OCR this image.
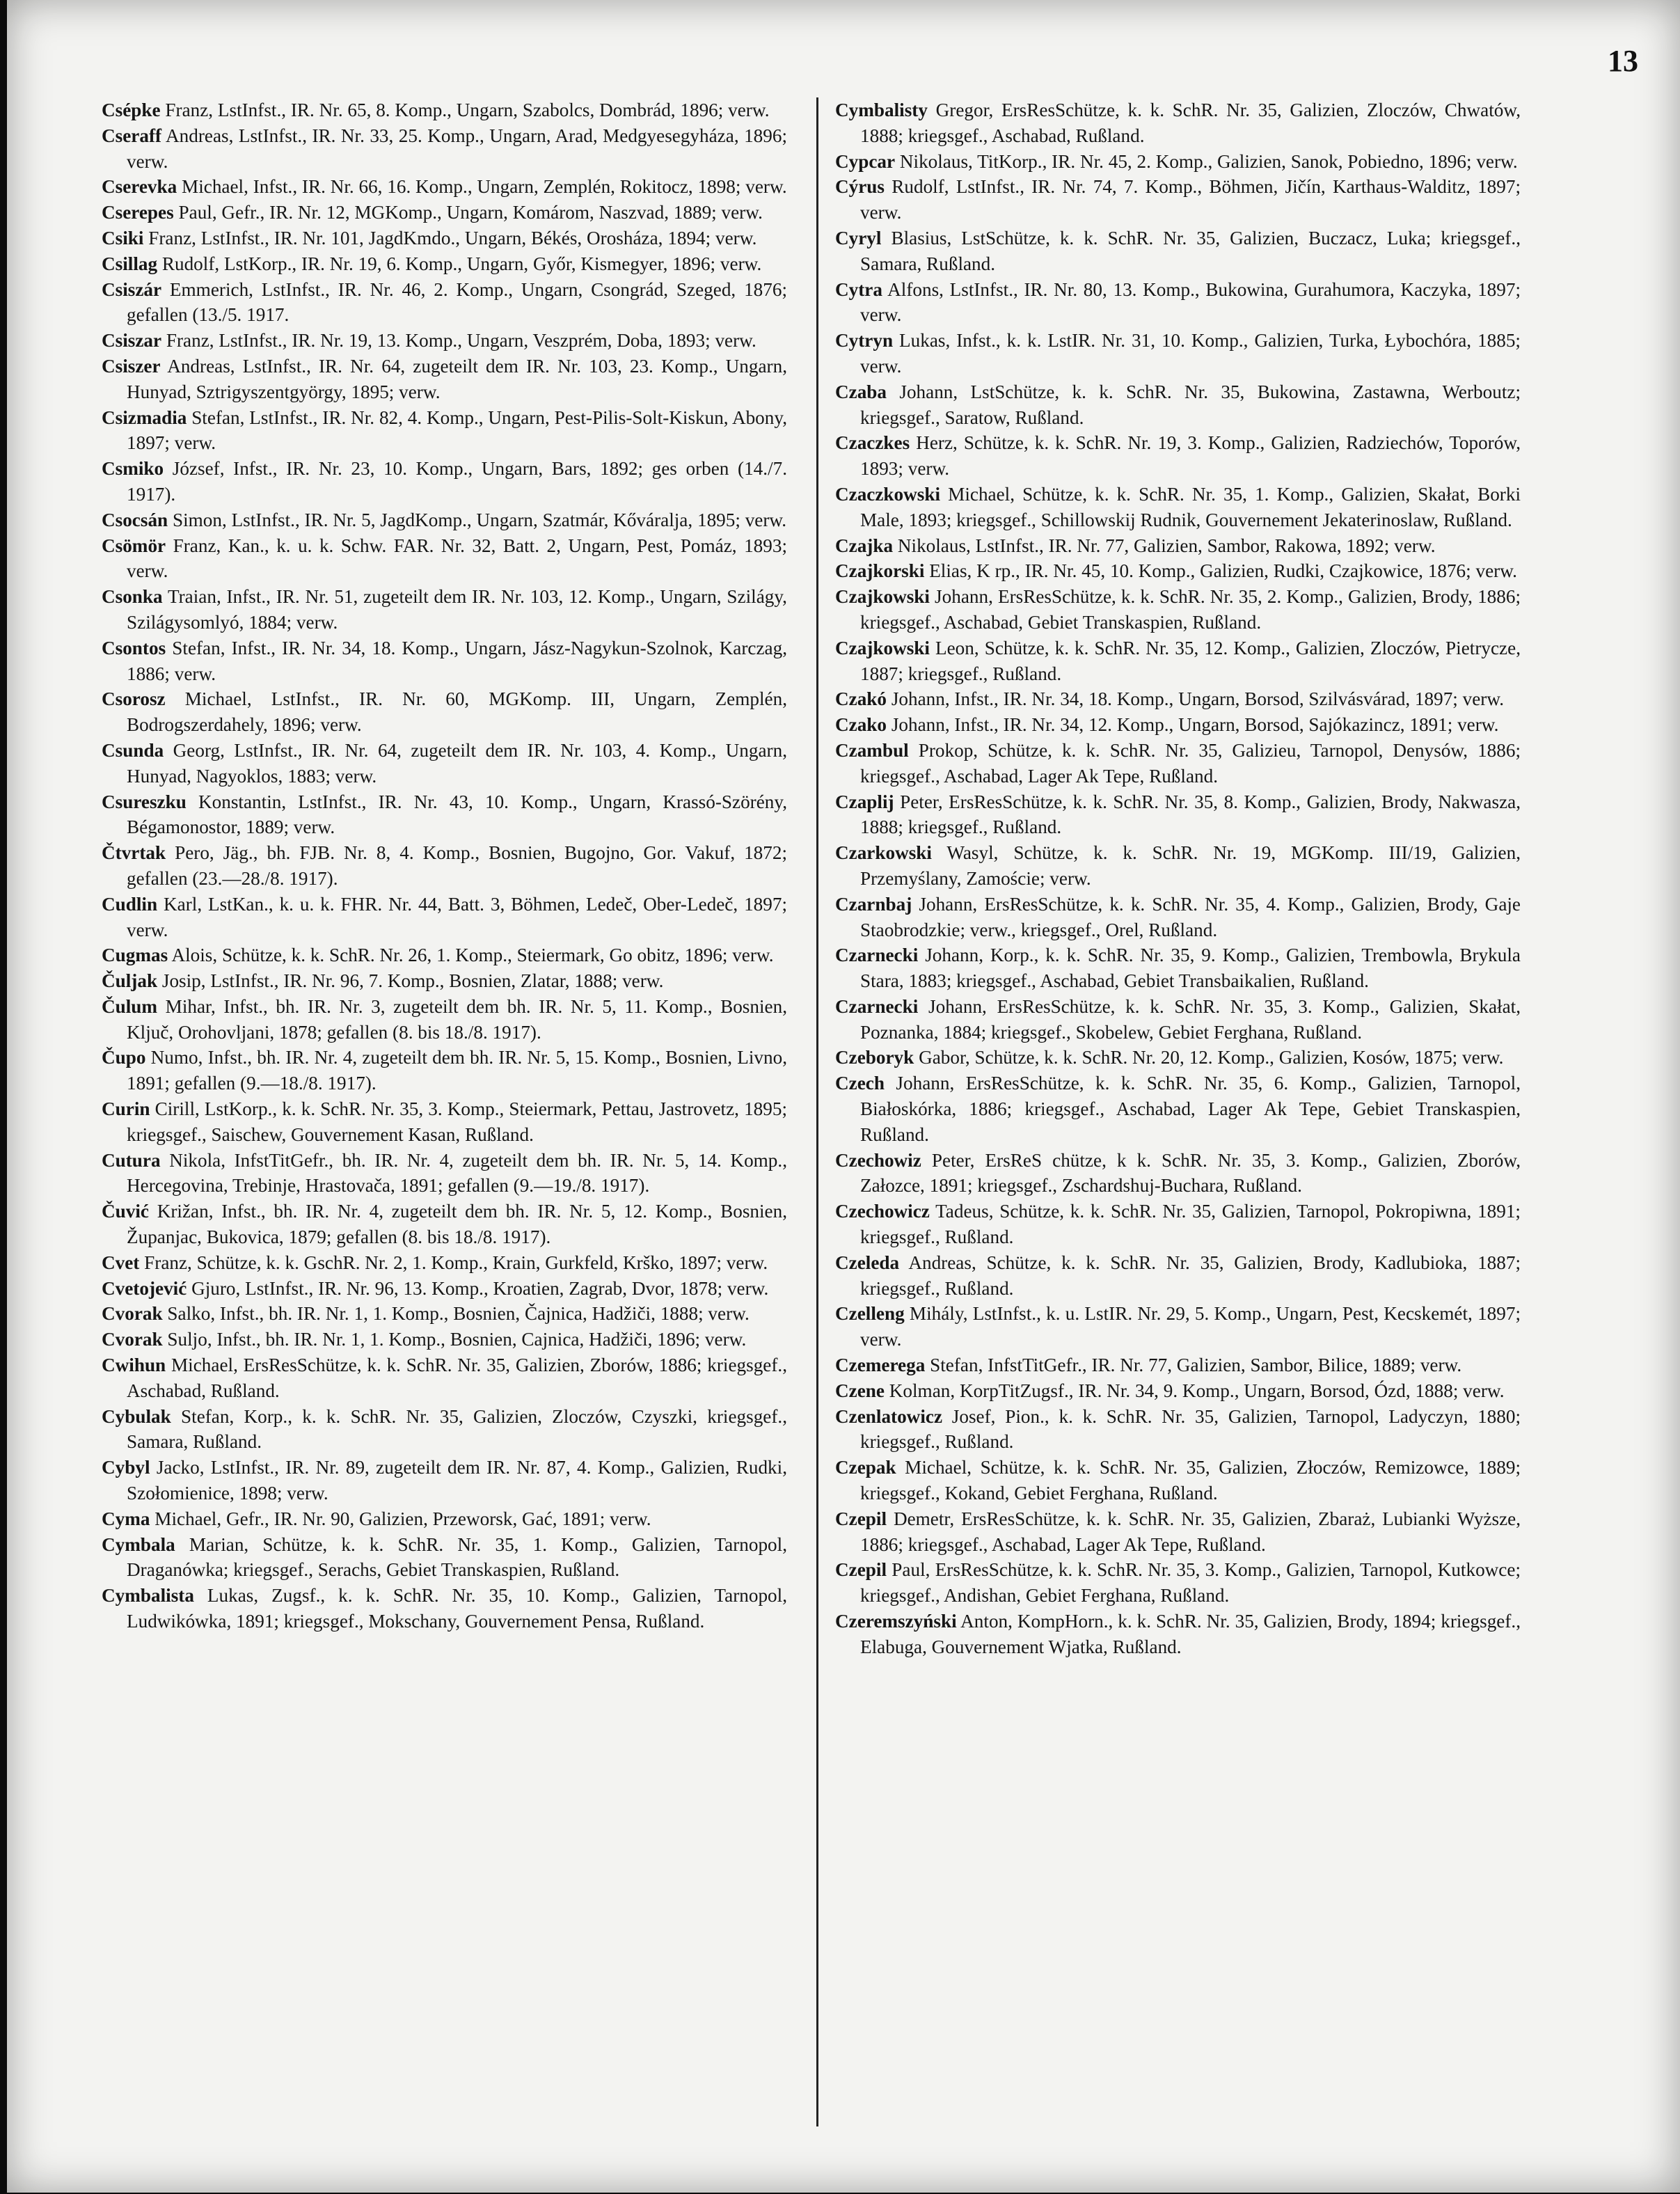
13

Csépke Franz, LstInfst., IR. Nr. 65, 8. Komp., Ungarn, Szabolcs, Dombrád, 1896; verw.

Cseraff Andreas, LstInfst., IR. Nr. 33, 25. Komp., Ungarn, Arad, Medgyesegyháza, 1896; verw.

Cserevka Michael, Infst., IR. Nr. 66, 16. Komp., Ungarn, Zemplén, Rokitocz, 1898; verw.

Cserepes Paul, Gefr., IR. Nr. 12, MGKomp., Ungarn, Komárom, Naszvad, 1889; verw.

Csiki Franz, LstInfst., IR. Nr. 101, JagdKmdo., Ungarn, Békés, Orosháza, 1894; verw.

Csillag Rudolf, LstKorp., IR. Nr. 19, 6. Komp., Ungarn, Győr, Kismegyer, 1896; verw.

Csiszár Emmerich, LstInfst., IR. Nr. 46, 2. Komp., Ungarn, Csongrád, Szeged, 1876; gefallen (13./5. 1917.

Csiszar Franz, LstInfst., IR. Nr. 19, 13. Komp., Ungarn, Veszprém, Doba, 1893; verw.

Csiszer Andreas, LstInfst., IR. Nr. 64, zugeteilt dem IR. Nr. 103, 23. Komp., Ungarn, Hunyad, Sztrigyszentgyörgy, 1895; verw.

Csizmadia Stefan, LstInfst., IR. Nr. 82, 4. Komp., Ungarn, Pest-Pilis-Solt-Kiskun, Abony, 1897; verw.

Csmiko József, Infst., IR. Nr. 23, 10. Komp., Ungarn, Bars, 1892; ges orben (14./7. 1917).

Csocsán Simon, LstInfst., IR. Nr. 5, JagdKomp., Ungarn, Szatmár, Kőváralja, 1895; verw.

Csömör Franz, Kan., k. u. k. Schw. FAR. Nr. 32, Batt. 2, Ungarn, Pest, Pomáz, 1893; verw.

Csonka Traian, Infst., IR. Nr. 51, zugeteilt dem IR. Nr. 103, 12. Komp., Ungarn, Szilágy, Szilágysomlyó, 1884; verw.

Csontos Stefan, Infst., IR. Nr. 34, 18. Komp., Ungarn, Jász-Nagykun-Szolnok, Karczag, 1886; verw.

Csorosz Michael, LstInfst., IR. Nr. 60, MGKomp. III, Ungarn, Zemplén, Bodrogszerdahely, 1896; verw.

Csunda Georg, LstInfst., IR. Nr. 64, zugeteilt dem IR. Nr. 103, 4. Komp., Ungarn, Hunyad, Nagyoklos, 1883; verw.

Csureszku Konstantin, LstInfst., IR. Nr. 43, 10. Komp., Ungarn, Krassó-Szörény, Bégamonostor, 1889; verw.

Čtvrtak Pero, Jäg., bh. FJB. Nr. 8, 4. Komp., Bosnien, Bugojno, Gor. Vakuf, 1872; gefallen (23.—28./8. 1917).

Cudlin Karl, LstKan., k. u. k. FHR. Nr. 44, Batt. 3, Böhmen, Ledeč, Ober-Ledeč, 1897; verw.

Cugmas Alois, Schütze, k. k. SchR. Nr. 26, 1. Komp., Steiermark, Go obitz, 1896; verw.

Čuljak Josip, LstInfst., IR. Nr. 96, 7. Komp., Bosnien, Zlatar, 1888; verw.

Čulum Mihar, Infst., bh. IR. Nr. 3, zugeteilt dem bh. IR. Nr. 5, 11. Komp., Bosnien, Ključ, Orohovljani, 1878; gefallen (8. bis 18./8. 1917).

Čupo Numo, Infst., bh. IR. Nr. 4, zugeteilt dem bh. IR. Nr. 5, 15. Komp., Bosnien, Livno, 1891; gefallen (9.—18./8. 1917).

Curin Cirill, LstKorp., k. k. SchR. Nr. 35, 3. Komp., Steiermark, Pettau, Jastrovetz, 1895; kriegsgef., Saischew, Gouvernement Kasan, Rußland.

Cutura Nikola, InfstTitGefr., bh. IR. Nr. 4, zugeteilt dem bh. IR. Nr. 5, 14. Komp., Hercegovina, Trebinje, Hrastovača, 1891; gefallen (9.—19./8. 1917).

Čuvić Križan, Infst., bh. IR. Nr. 4, zugeteilt dem bh. IR. Nr. 5, 12. Komp., Bosnien, Županjac, Bukovica, 1879; gefallen (8. bis 18./8. 1917).

Cvet Franz, Schütze, k. k. GschR. Nr. 2, 1. Komp., Krain, Gurkfeld, Krško, 1897; verw.

Cvetojević Gjuro, LstInfst., IR. Nr. 96, 13. Komp., Kroatien, Zagrab, Dvor, 1878; verw.

Cvorak Salko, Infst., bh. IR. Nr. 1, 1. Komp., Bosnien, Čajnica, Hadžiči, 1888; verw.

Cvorak Suljo, Infst., bh. IR. Nr. 1, 1. Komp., Bosnien, Cajnica, Hadžiči, 1896; verw.

Cwihun Michael, ErsResSchütze, k. k. SchR. Nr. 35, Galizien, Zborów, 1886; kriegsgef., Aschabad, Rußland.

Cybulak Stefan, Korp., k. k. SchR. Nr. 35, Galizien, Zloczów, Czyszki, kriegsgef., Samara, Rußland.

Cybyl Jacko, LstInfst., IR. Nr. 89, zugeteilt dem IR. Nr. 87, 4. Komp., Galizien, Rudki, Szołomienice, 1898; verw.

Cyma Michael, Gefr., IR. Nr. 90, Galizien, Przeworsk, Gać, 1891; verw.

Cymbala Marian, Schütze, k. k. SchR. Nr. 35, 1. Komp., Galizien, Tarnopol, Draganówka; kriegsgef., Serachs, Gebiet Transkaspien, Rußland.

Cymbalista Lukas, Zugsf., k. k. SchR. Nr. 35, 10. Komp., Galizien, Tarnopol, Ludwikówka, 1891; kriegsgef., Mokschany, Gouvernement Pensa, Rußland.

Cymbalisty Gregor, ErsResSchütze, k. k. SchR. Nr. 35, Galizien, Zloczów, Chwatów, 1888; kriegsgef., Aschabad, Rußland.

Cypcar Nikolaus, TitKorp., IR. Nr. 45, 2. Komp., Galizien, Sanok, Pobiedno, 1896; verw.

Cýrus Rudolf, LstInfst., IR. Nr. 74, 7. Komp., Böhmen, Jičín, Karthaus-Walditz, 1897; verw.

Cyryl Blasius, LstSchütze, k. k. SchR. Nr. 35, Galizien, Buczacz, Luka; kriegsgef., Samara, Rußland.

Cytra Alfons, LstInfst., IR. Nr. 80, 13. Komp., Bukowina, Gurahumora, Kaczyka, 1897; verw.

Cytryn Lukas, Infst., k. k. LstIR. Nr. 31, 10. Komp., Galizien, Turka, Łybochóra, 1885; verw.

Czaba Johann, LstSchütze, k. k. SchR. Nr. 35, Bukowina, Zastawna, Werboutz; kriegsgef., Saratow, Rußland.

Czaczkes Herz, Schütze, k. k. SchR. Nr. 19, 3. Komp., Galizien, Radziechów, Toporów, 1893; verw.

Czaczkowski Michael, Schütze, k. k. SchR. Nr. 35, 1. Komp., Galizien, Skałat, Borki Male, 1893; kriegsgef., Schillowskij Rudnik, Gouvernement Jekaterinoslaw, Rußland.

Czajka Nikolaus, LstInfst., IR. Nr. 77, Galizien, Sambor, Rakowa, 1892; verw.

Czajkorski Elias, K rp., IR. Nr. 45, 10. Komp., Galizien, Rudki, Czajkowice, 1876; verw.

Czajkowski Johann, ErsResSchütze, k. k. SchR. Nr. 35, 2. Komp., Galizien, Brody, 1886; kriegsgef., Aschabad, Gebiet Transkaspien, Rußland.

Czajkowski Leon, Schütze, k. k. SchR. Nr. 35, 12. Komp., Galizien, Zloczów, Pietrycze, 1887; kriegsgef., Rußland.

Czakó Johann, Infst., IR. Nr. 34, 18. Komp., Ungarn, Borsod, Szilvásvárad, 1897; verw.

Czako Johann, Infst., IR. Nr. 34, 12. Komp., Ungarn, Borsod, Sajókazincz, 1891; verw.

Czambul Prokop, Schütze, k. k. SchR. Nr. 35, Galizieu, Tarnopol, Denysów, 1886; kriegsgef., Aschabad, Lager Ak Tepe, Rußland.

Czaplij Peter, ErsResSchütze, k. k. SchR. Nr. 35, 8. Komp., Galizien, Brody, Nakwasza, 1888; kriegsgef., Rußland.

Czarkowski Wasyl, Schütze, k. k. SchR. Nr. 19, MGKomp. III/19, Galizien, Przemyślany, Zamoście; verw.

Czarnbaj Johann, ErsResSchütze, k. k. SchR. Nr. 35, 4. Komp., Galizien, Brody, Gaje Staobrodzkie; verw., kriegsgef., Orel, Rußland.

Czarnecki Johann, Korp., k. k. SchR. Nr. 35, 9. Komp., Galizien, Trembowla, Brykula Stara, 1883; kriegsgef., Aschabad, Gebiet Transbaikalien, Rußland.

Czarnecki Johann, ErsResSchütze, k. k. SchR. Nr. 35, 3. Komp., Galizien, Skałat, Poznanka, 1884; kriegsgef., Skobelew, Gebiet Ferghana, Rußland.

Czeboryk Gabor, Schütze, k. k. SchR. Nr. 20, 12. Komp., Galizien, Kosów, 1875; verw.

Czech Johann, ErsResSchütze, k. k. SchR. Nr. 35, 6. Komp., Galizien, Tarnopol, Białoskórka, 1886; kriegsgef., Aschabad, Lager Ak Tepe, Gebiet Transkaspien, Rußland.

Czechowiz Peter, ErsReS chütze, k k. SchR. Nr. 35, 3. Komp., Galizien, Zborów, Załozce, 1891; kriegsgef., Zschardshuj-Buchara, Rußland.

Czechowicz Tadeus, Schütze, k. k. SchR. Nr. 35, Galizien, Tarnopol, Pokropiwna, 1891; kriegsgef., Rußland.

Czeleda Andreas, Schütze, k. k. SchR. Nr. 35, Galizien, Brody, Kadlubioka, 1887; kriegsgef., Rußland.

Czelleng Mihály, LstInfst., k. u. LstIR. Nr. 29, 5. Komp., Ungarn, Pest, Kecskemét, 1897; verw.

Czemerega Stefan, InfstTitGefr., IR. Nr. 77, Galizien, Sambor, Bilice, 1889; verw.

Czene Kolman, KorpTitZugsf., IR. Nr. 34, 9. Komp., Ungarn, Borsod, Ózd, 1888; verw.

Czenlatowicz Josef, Pion., k. k. SchR. Nr. 35, Galizien, Tarnopol, Ladyczyn, 1880; kriegsgef., Rußland.

Czepak Michael, Schütze, k. k. SchR. Nr. 35, Galizien, Złoczów, Remizowce, 1889; kriegsgef., Kokand, Gebiet Ferghana, Rußland.

Czepil Demetr, ErsResSchütze, k. k. SchR. Nr. 35, Galizien, Zbaraż, Lubianki Wyższe, 1886; kriegsgef., Aschabad, Lager Ak Tepe, Rußland.

Czepil Paul, ErsResSchütze, k. k. SchR. Nr. 35, 3. Komp., Galizien, Tarnopol, Kutkowce; kriegsgef., Andishan, Gebiet Ferghana, Rußland.

Czeremszyński Anton, KompHorn., k. k. SchR. Nr. 35, Galizien, Brody, 1894; kriegsgef., Elabuga, Gouvernement Wjatka, Rußland.
